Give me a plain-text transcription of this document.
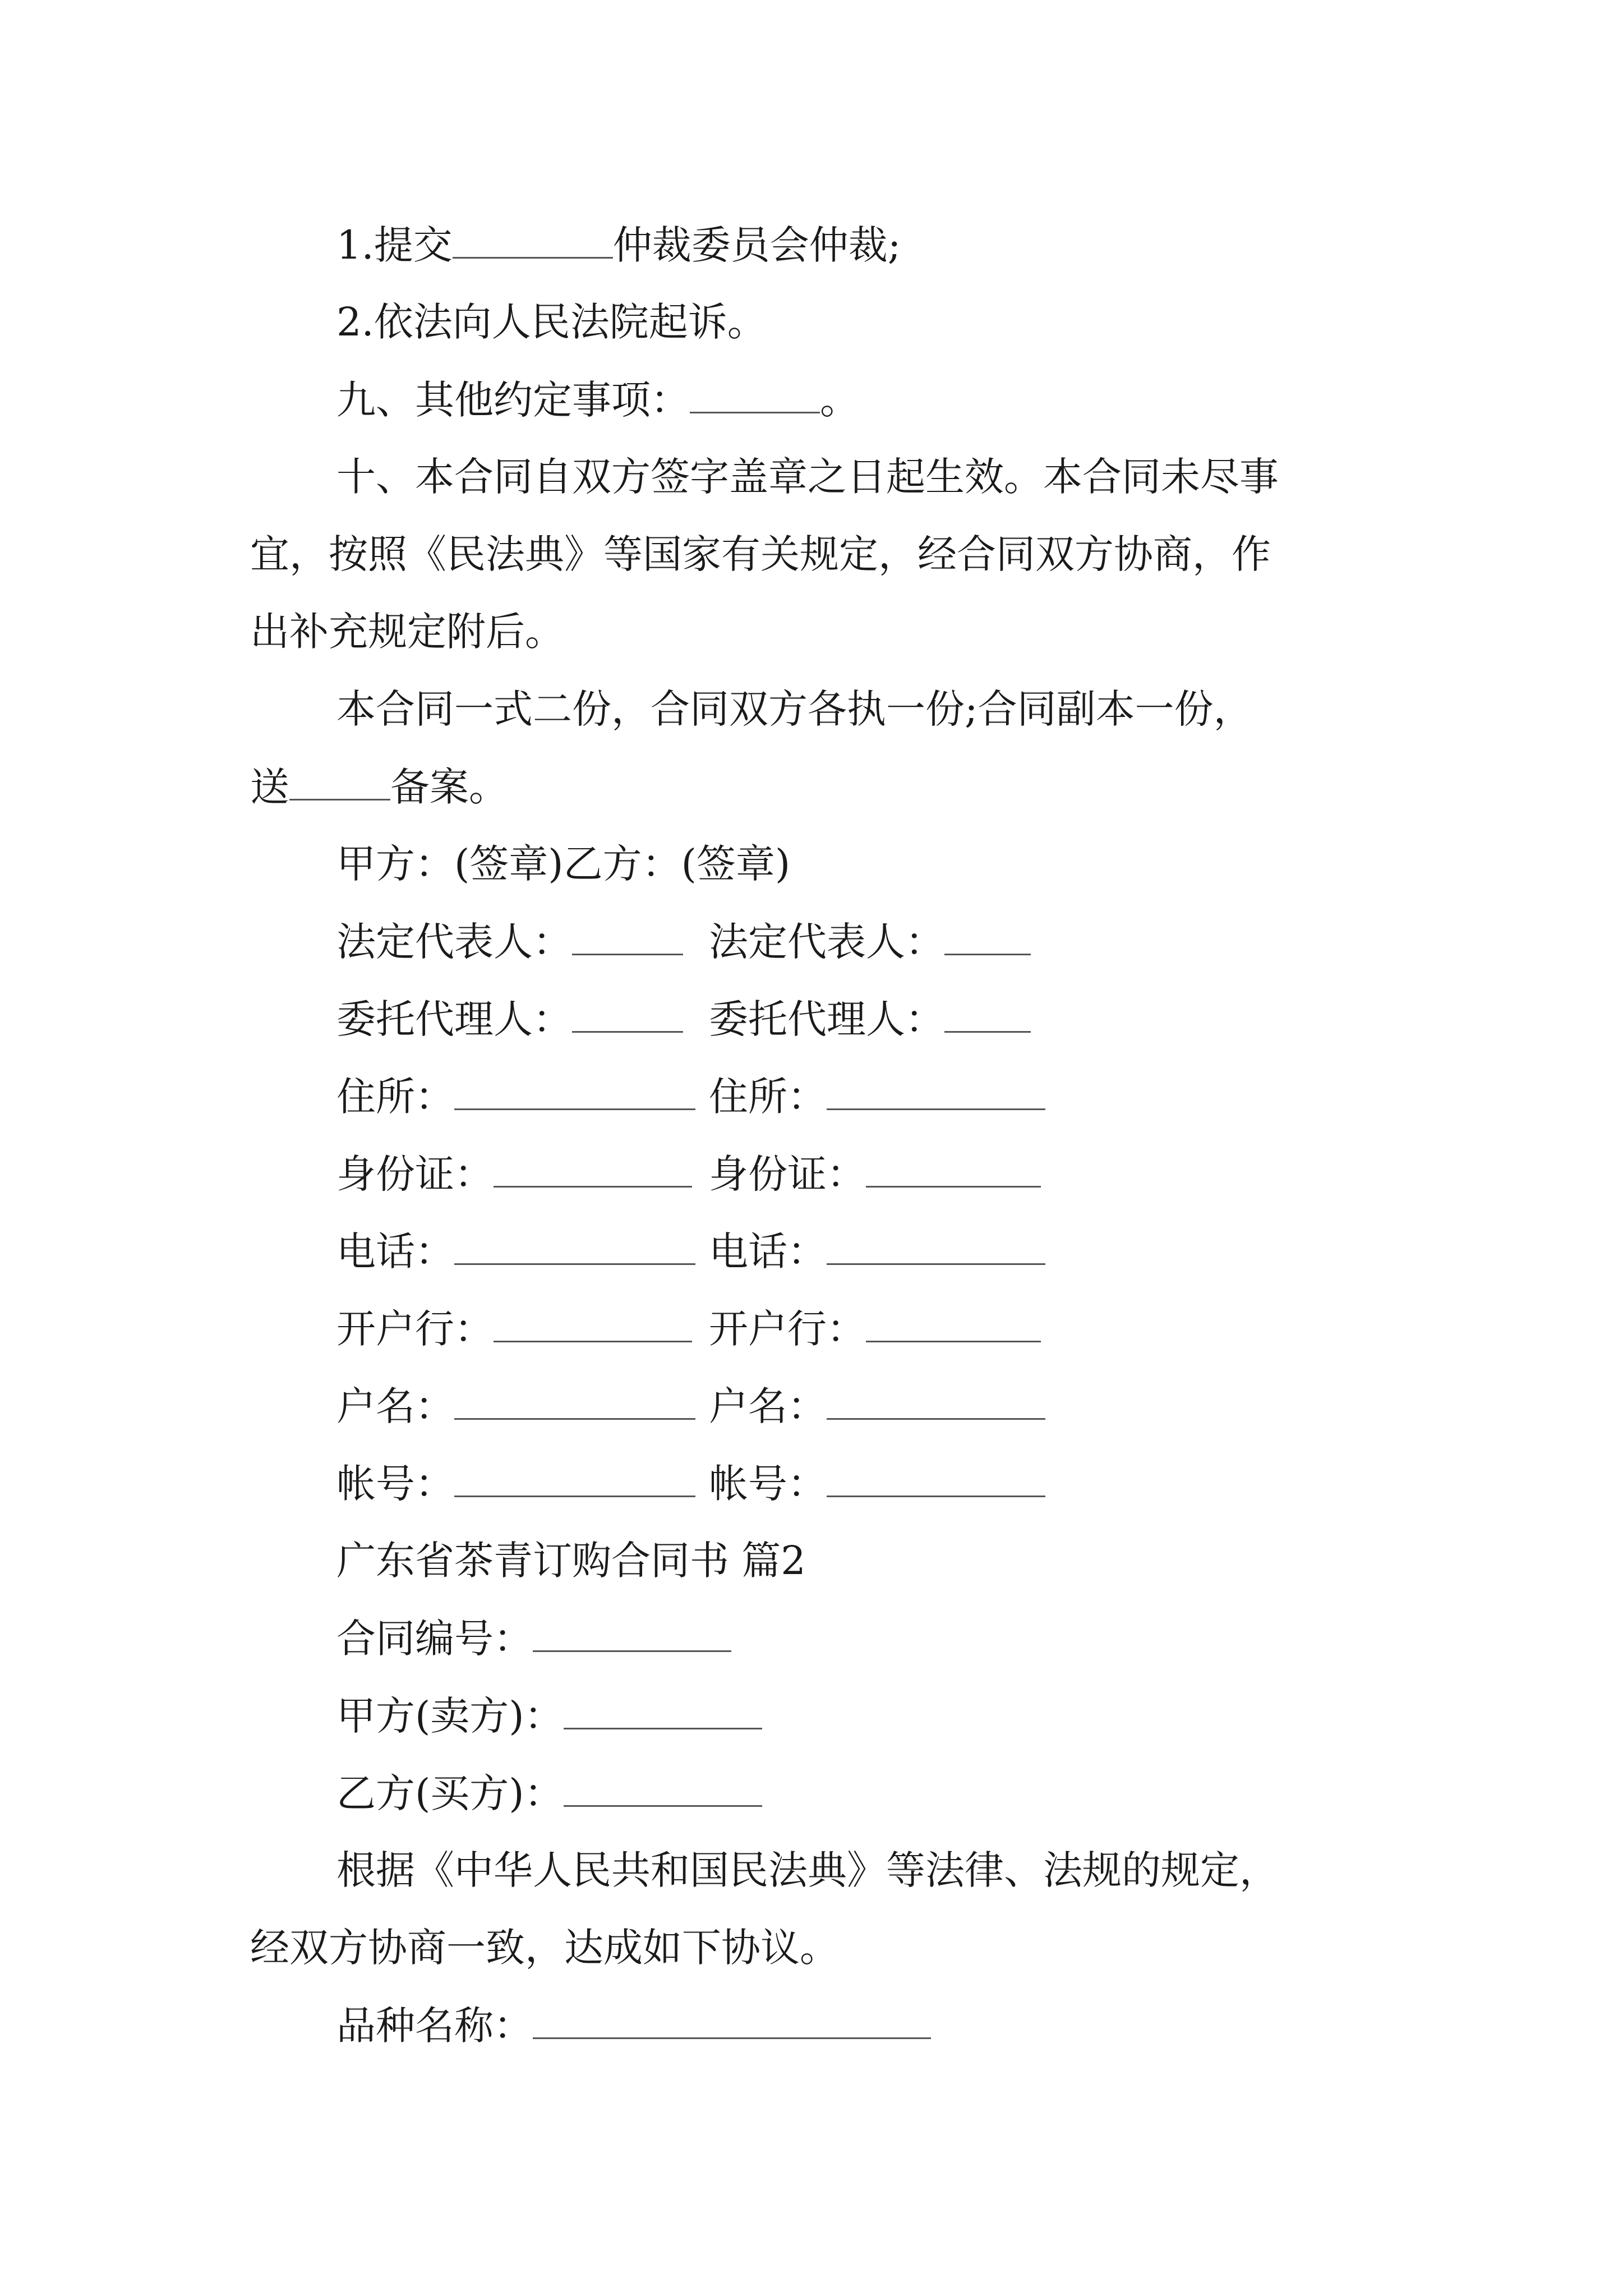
1.提交	仲裁委员会仲裁;
2.依法向人民法院起诉。
九、其他约定事项：	。
十、本合同自双方签字盖章之日起生效。本合同未尽事
宜，按照《民法典》等国家有关规定，经合同双方协商，作
出补充规定附后。
本合同一式二份，合同双方各执一份;合同副本一份，
送	备案。
甲方：(签章)乙方：(签章)
法定代表人：	法定代表人：
委托代理人：	委托代理人：
住所：	住所：
身份证：	身份证：
电话：	电话：
开户行：	开户行：
户名：	户名：
帐号：	帐号：
广东省茶青订购合同书 篇2
合同编号：
甲方(卖方)：
乙方(买方)：
根据《中华人民共和国民法典》等法律、法规的规定，
经双方协商一致，达成如下协议。
品种名称：
